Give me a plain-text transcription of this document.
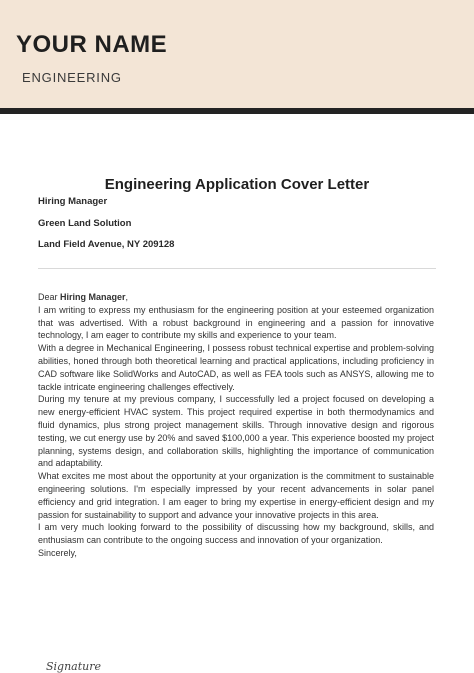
YOUR NAME
ENGINEERING
Engineering Application Cover Letter
Hiring Manager
Green Land Solution
Land Field Avenue, NY 209128

Dear Hiring Manager,

I am writing to express my enthusiasm for the engineering position at your esteemed organization that was advertised. With a robust background in engineering and a passion for innovative technology, I am eager to contribute my skills and experience to your team.

With a degree in Mechanical Engineering, I possess robust technical expertise and problem-solving abilities, honed through both theoretical learning and practical applications, including proficiency in CAD software like SolidWorks and AutoCAD, as well as FEA tools such as ANSYS, allowing me to tackle intricate engineering challenges effectively.

During my tenure at my previous company, I successfully led a project focused on developing a new energy-efficient HVAC system. This project required expertise in both thermodynamics and fluid dynamics, plus strong project management skills. Through innovative design and rigorous testing, we cut energy use by 20% and saved $100,000 a year. This experience boosted my project planning, systems design, and collaboration skills, highlighting the importance of communication and adaptability.

What excites me most about the opportunity at your organization is the commitment to sustainable engineering solutions. I'm especially impressed by your recent advancements in solar panel efficiency and grid integration. I am eager to bring my expertise in energy-efficient design and my passion for sustainability to support and advance your innovative projects in this area.

I am very much looking forward to the possibility of discussing how my background, skills, and enthusiasm can contribute to the ongoing success and innovation of your organization.

Sincerely,

Signature
